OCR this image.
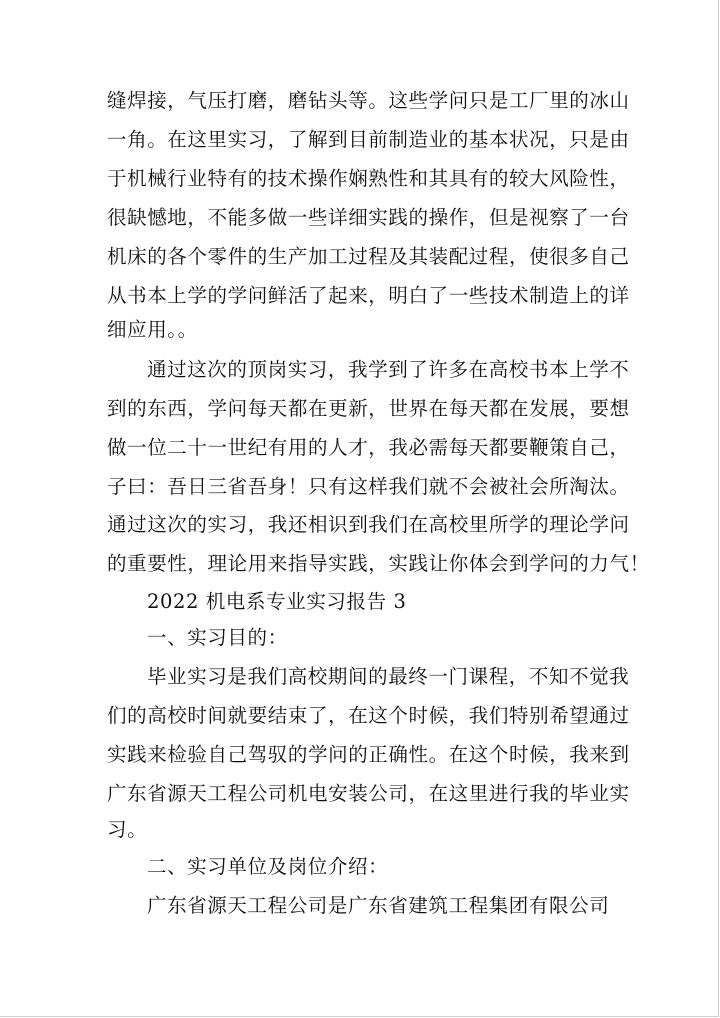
缝焊接，气压打磨，磨钻头等。这些学问只是工厂里的冰山
一角。在这里实习，了解到目前制造业的基本状况，只是由
于机械行业特有的技术操作娴熟性和其具有的较大风险性，
很缺憾地，不能多做一些详细实践的操作，但是视察了一台
机床的各个零件的生产加工过程及其装配过程，使很多自己
从书本上学的学问鲜活了起来，明白了一些技术制造上的详
细应用。。
通过这次的顶岗实习，我学到了许多在高校书本上学不
到的东西，学问每天都在更新，世界在每天都在发展，要想
做一位二十一世纪有用的人才，我必需每天都要鞭策自己，
子曰：吾日三省吾身！只有这样我们就不会被社会所淘汰。
通过这次的实习，我还相识到我们在高校里所学的理论学问
的重要性，理论用来指导实践，实践让你体会到学问的力气！
2022 机电系专业实习报告 3
一、实习目的：
毕业实习是我们高校期间的最终一门课程，不知不觉我
们的高校时间就要结束了，在这个时候，我们特别希望通过
实践来检验自己驾驭的学问的正确性。在这个时候，我来到
广东省源天工程公司机电安装公司，在这里进行我的毕业实
习。
二、实习单位及岗位介绍：
广东省源天工程公司是广东省建筑工程集团有限公司
